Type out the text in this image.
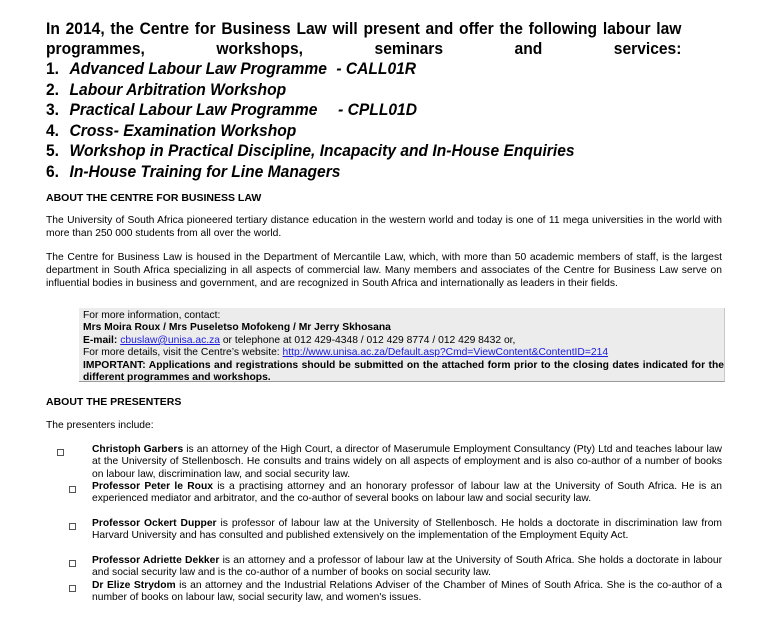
In 2014, the Centre for Business Law will present and offer the following labour law programmes, workshops, seminars and services:
1. Advanced Labour Law Programme - CALL01R
2. Labour Arbitration Workshop
3. Practical Labour Law Programme - CPLL01D
4. Cross- Examination Workshop
5. Workshop in Practical Discipline, Incapacity and In-House Enquiries
6. In-House Training for Line Managers
ABOUT THE CENTRE FOR BUSINESS LAW
The University of South Africa pioneered tertiary distance education in the western world and today is one of 11 mega universities in the world with more than 250 000 students from all over the world.
The Centre for Business Law is housed in the Department of Mercantile Law, which, with more than 50 academic members of staff, is the largest department in South Africa specializing in all aspects of commercial law. Many members and associates of the Centre for Business Law serve on influential bodies in business and government, and are recognized in South Africa and internationally as leaders in their fields.
For more information, contact:
Mrs Moira Roux / Mrs Puseletso Mofokeng / Mr Jerry Skhosana
E-mail: cbuslaw@unisa.ac.za or telephone at 012 429-4348 / 012 429 8774 / 012 429 8432 or,
For more details, visit the Centre’s website: http://www.unisa.ac.za/Default.asp?Cmd=ViewContent&ContentID=214
IMPORTANT: Applications and registrations should be submitted on the attached form prior to the closing dates indicated for the different programmes and workshops.
ABOUT THE PRESENTERS
The presenters include:
Christoph Garbers is an attorney of the High Court, a director of Maserumule Employment Consultancy (Pty) Ltd and teaches labour law at the University of Stellenbosch. He consults and trains widely on all aspects of employment and is also co-author of a number of books on labour law, discrimination law, and social security law.
Professor Peter le Roux is a practising attorney and an honorary professor of labour law at the University of South Africa. He is an experienced mediator and arbitrator, and the co-author of several books on labour law and social security law.
Professor Ockert Dupper is professor of labour law at the University of Stellenbosch. He holds a doctorate in discrimination law from Harvard University and has consulted and published extensively on the implementation of the Employment Equity Act.
Professor Adriette Dekker is an attorney and a professor of labour law at the University of South Africa. She holds a doctorate in labour and social security law and is the co-author of a number of books on social security law.
Dr Elize Strydom is an attorney and the Industrial Relations Adviser of the Chamber of Mines of South Africa. She is the co-author of a number of books on labour law, social security law, and women's issues.
